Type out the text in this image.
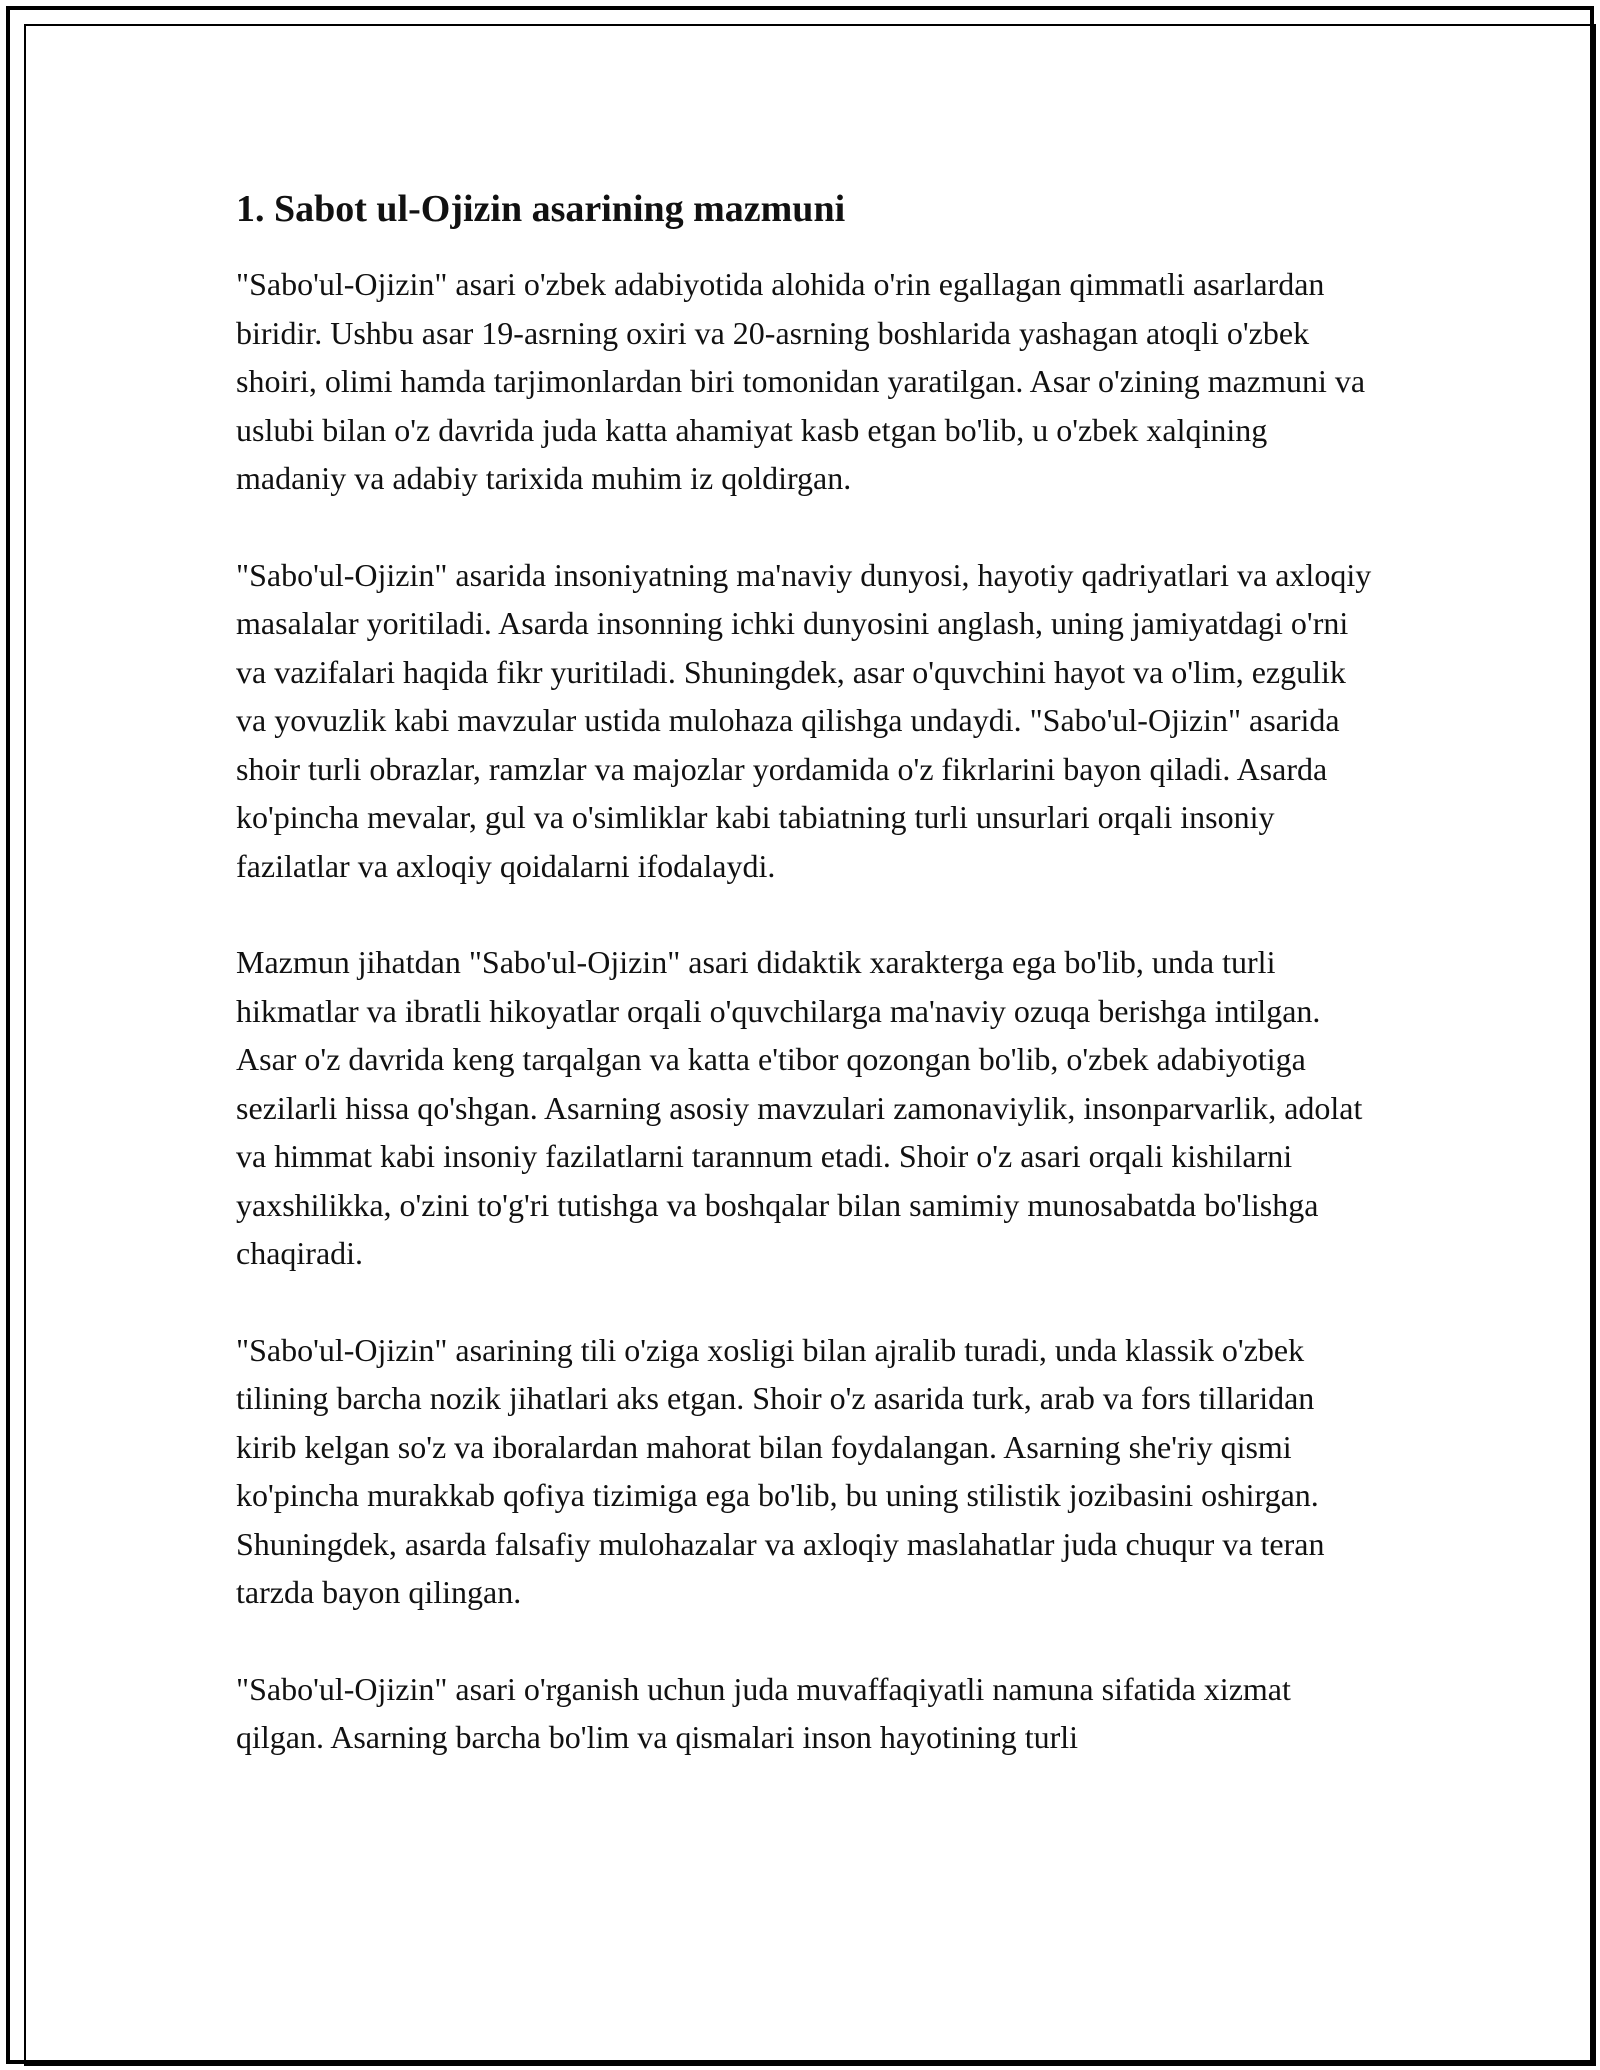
1. Sabot ul-Ojizin asarining mazmuni

"Sabo'ul-Ojizin" asari o'zbek adabiyotida alohida o'rin egallagan qimmatli asarlardan biridir. Ushbu asar 19-asrning oxiri va 20-asrning boshlarida yashagan atoqli o'zbek shoiri, olimi hamda tarjimonlardan biri tomonidan yaratilgan. Asar o'zining mazmuni va uslubi bilan o'z davrida juda katta ahamiyat kasb etgan bo'lib, u o'zbek xalqining madaniy va adabiy tarixida muhim iz qoldirgan.

"Sabo'ul-Ojizin" asarida insoniyatning ma'naviy dunyosi, hayotiy qadriyatlari va axloqiy masalalar yoritiladi. Asarda insonning ichki dunyosini anglash, uning jamiyatdagi o'rni va vazifalari haqida fikr yuritiladi. Shuningdek, asar o'quvchini hayot va o'lim, ezgulik va yovuzlik kabi mavzular ustida mulohaza qilishga undaydi. "Sabo'ul-Ojizin" asarida shoir turli obrazlar, ramzlar va majozlar yordamida o'z fikrlarini bayon qiladi. Asarda ko'pincha mevalar, gul va o'simliklar kabi tabiatning turli unsurlari orqali insoniy fazilatlar va axloqiy qoidalarni ifodalaydi.

Mazmun jihatdan "Sabo'ul-Ojizin" asari didaktik xarakterga ega bo'lib, unda turli hikmatlar va ibratli hikoyatlar orqali o'quvchilarga ma'naviy ozuqa berishga intilgan. Asar o'z davrida keng tarqalgan va katta e'tibor qozongan bo'lib, o'zbek adabiyotiga sezilarli hissa qo'shgan. Asarning asosiy mavzulari zamonaviylik, insonparvarlik, adolat va himmat kabi insoniy fazilatlarni tarannum etadi. Shoir o'z asari orqali kishilarni yaxshilikka, o'zini to'g'ri tutishga va boshqalar bilan samimiy munosabatda bo'lishga chaqiradi.

"Sabo'ul-Ojizin" asarining tili o'ziga xosligi bilan ajralib turadi, unda klassik o'zbek tilining barcha nozik jihatlari aks etgan. Shoir o'z asarida turk, arab va fors tillaridan kirib kelgan so'z va iboralardan mahorat bilan foydalangan. Asarning she'riy qismi ko'pincha murakkab qofiya tizimiga ega bo'lib, bu uning stilistik jozibasini oshirgan. Shuningdek, asarda falsafiy mulohazalar va axloqiy maslahatlar juda chuqur va teran tarzda bayon qilingan.

"Sabo'ul-Ojizin" asari o'rganish uchun juda muvaffaqiyatli namuna sifatida xizmat qilgan. Asarning barcha bo'lim va qismalari inson hayotining turli
